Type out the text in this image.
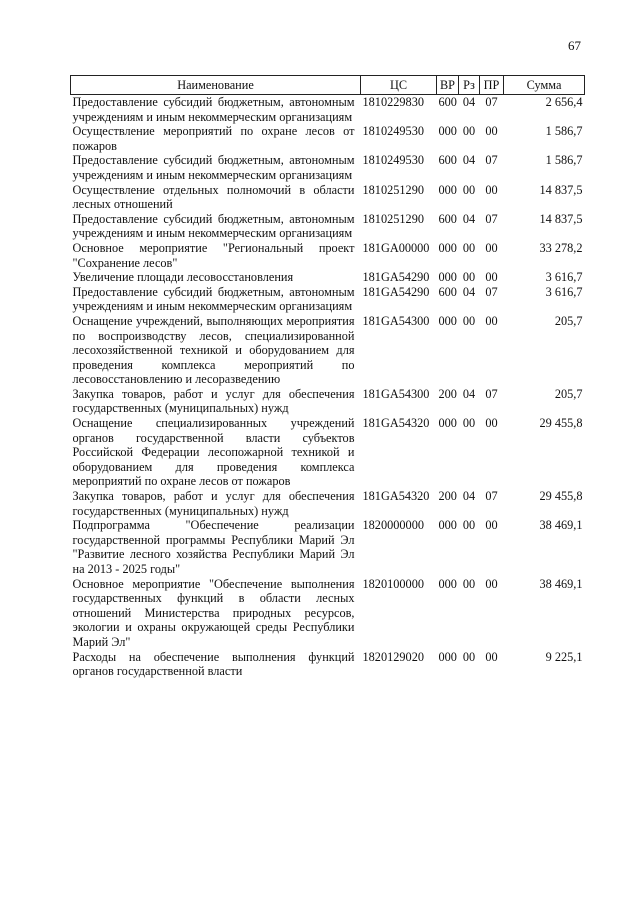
67
Наименование	ЦС	ВР	Рз	ПР	Сумма
Предоставление субсидий бюджетным, автономным учреждениям и иным некоммерческим организациям	1810229830	600	04	07	2 656,4
Осуществление мероприятий по охране лесов от пожаров	1810249530	000	00	00	1 586,7
Предоставление субсидий бюджетным, автономным учреждениям и иным некоммерческим организациям	1810249530	600	04	07	1 586,7
Осуществление отдельных полномочий в области лесных отношений	1810251290	000	00	00	14 837,5
Предоставление субсидий бюджетным, автономным учреждениям и иным некоммерческим организациям	1810251290	600	04	07	14 837,5
Основное мероприятие "Региональный проект "Сохранение лесов"	181GA00000	000	00	00	33 278,2
Увеличение площади лесовосстановления	181GA54290	000	00	00	3 616,7
Предоставление субсидий бюджетным, автономным учреждениям и иным некоммерческим организациям	181GA54290	600	04	07	3 616,7
Оснащение учреждений, выполняющих мероприятия по воспроизводству лесов, специализированной лесохозяйственной техникой и оборудованием для проведения комплекса мероприятий по лесовосстановлению и лесоразведению	181GA54300	000	00	00	205,7
Закупка товаров, работ и услуг для обеспечения государственных (муниципальных) нужд	181GA54300	200	04	07	205,7
Оснащение специализированных учреждений органов государственной власти субъектов Российской Федерации лесопожарной техникой и оборудованием для проведения комплекса мероприятий по охране лесов от пожаров	181GA54320	000	00	00	29 455,8
Закупка товаров, работ и услуг для обеспечения государственных (муниципальных) нужд	181GA54320	200	04	07	29 455,8
Подпрограмма "Обеспечение реализации государственной программы Республики Марий Эл "Развитие лесного хозяйства Республики Марий Эл на 2013 - 2025 годы"	1820000000	000	00	00	38 469,1
Основное мероприятие "Обеспечение выполнения государственных функций в области лесных отношений Министерства природных ресурсов, экологии и охраны окружающей среды Республики Марий Эл"	1820100000	000	00	00	38 469,1
Расходы на обеспечение выполнения функций органов государственной власти	1820129020	000	00	00	9 225,1
